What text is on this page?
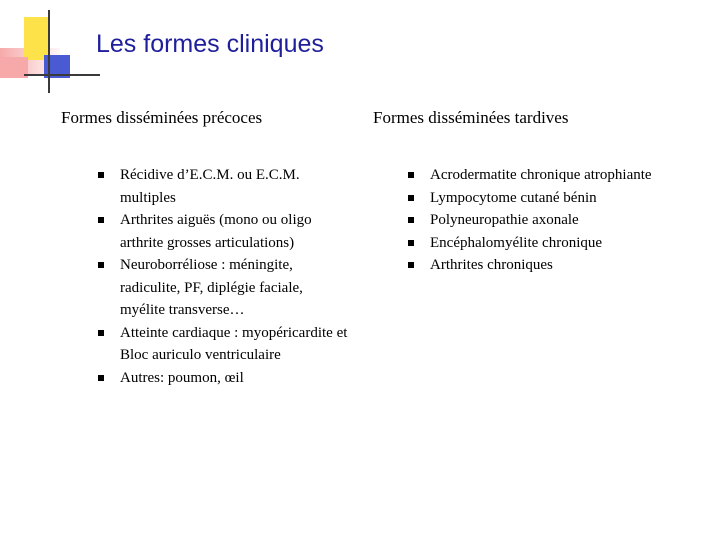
Les formes cliniques
Formes disséminées précoces	Formes disséminées tardives
Récidive d’E.C.M. ou E.C.M. multiples
Arthrites aiguës (mono ou oligo arthrite grosses articulations)
Neuroborréliose : méningite, radiculite, PF, diplégie faciale, myélite transverse…
Atteinte cardiaque : myopéricardite et Bloc auriculo ventriculaire
Autres: poumon, œil
Acrodermatite chronique atrophiante
Lympocytome cutané bénin
Polyneuropathie axonale
Encéphalomyélite chronique
Arthrites chroniques
